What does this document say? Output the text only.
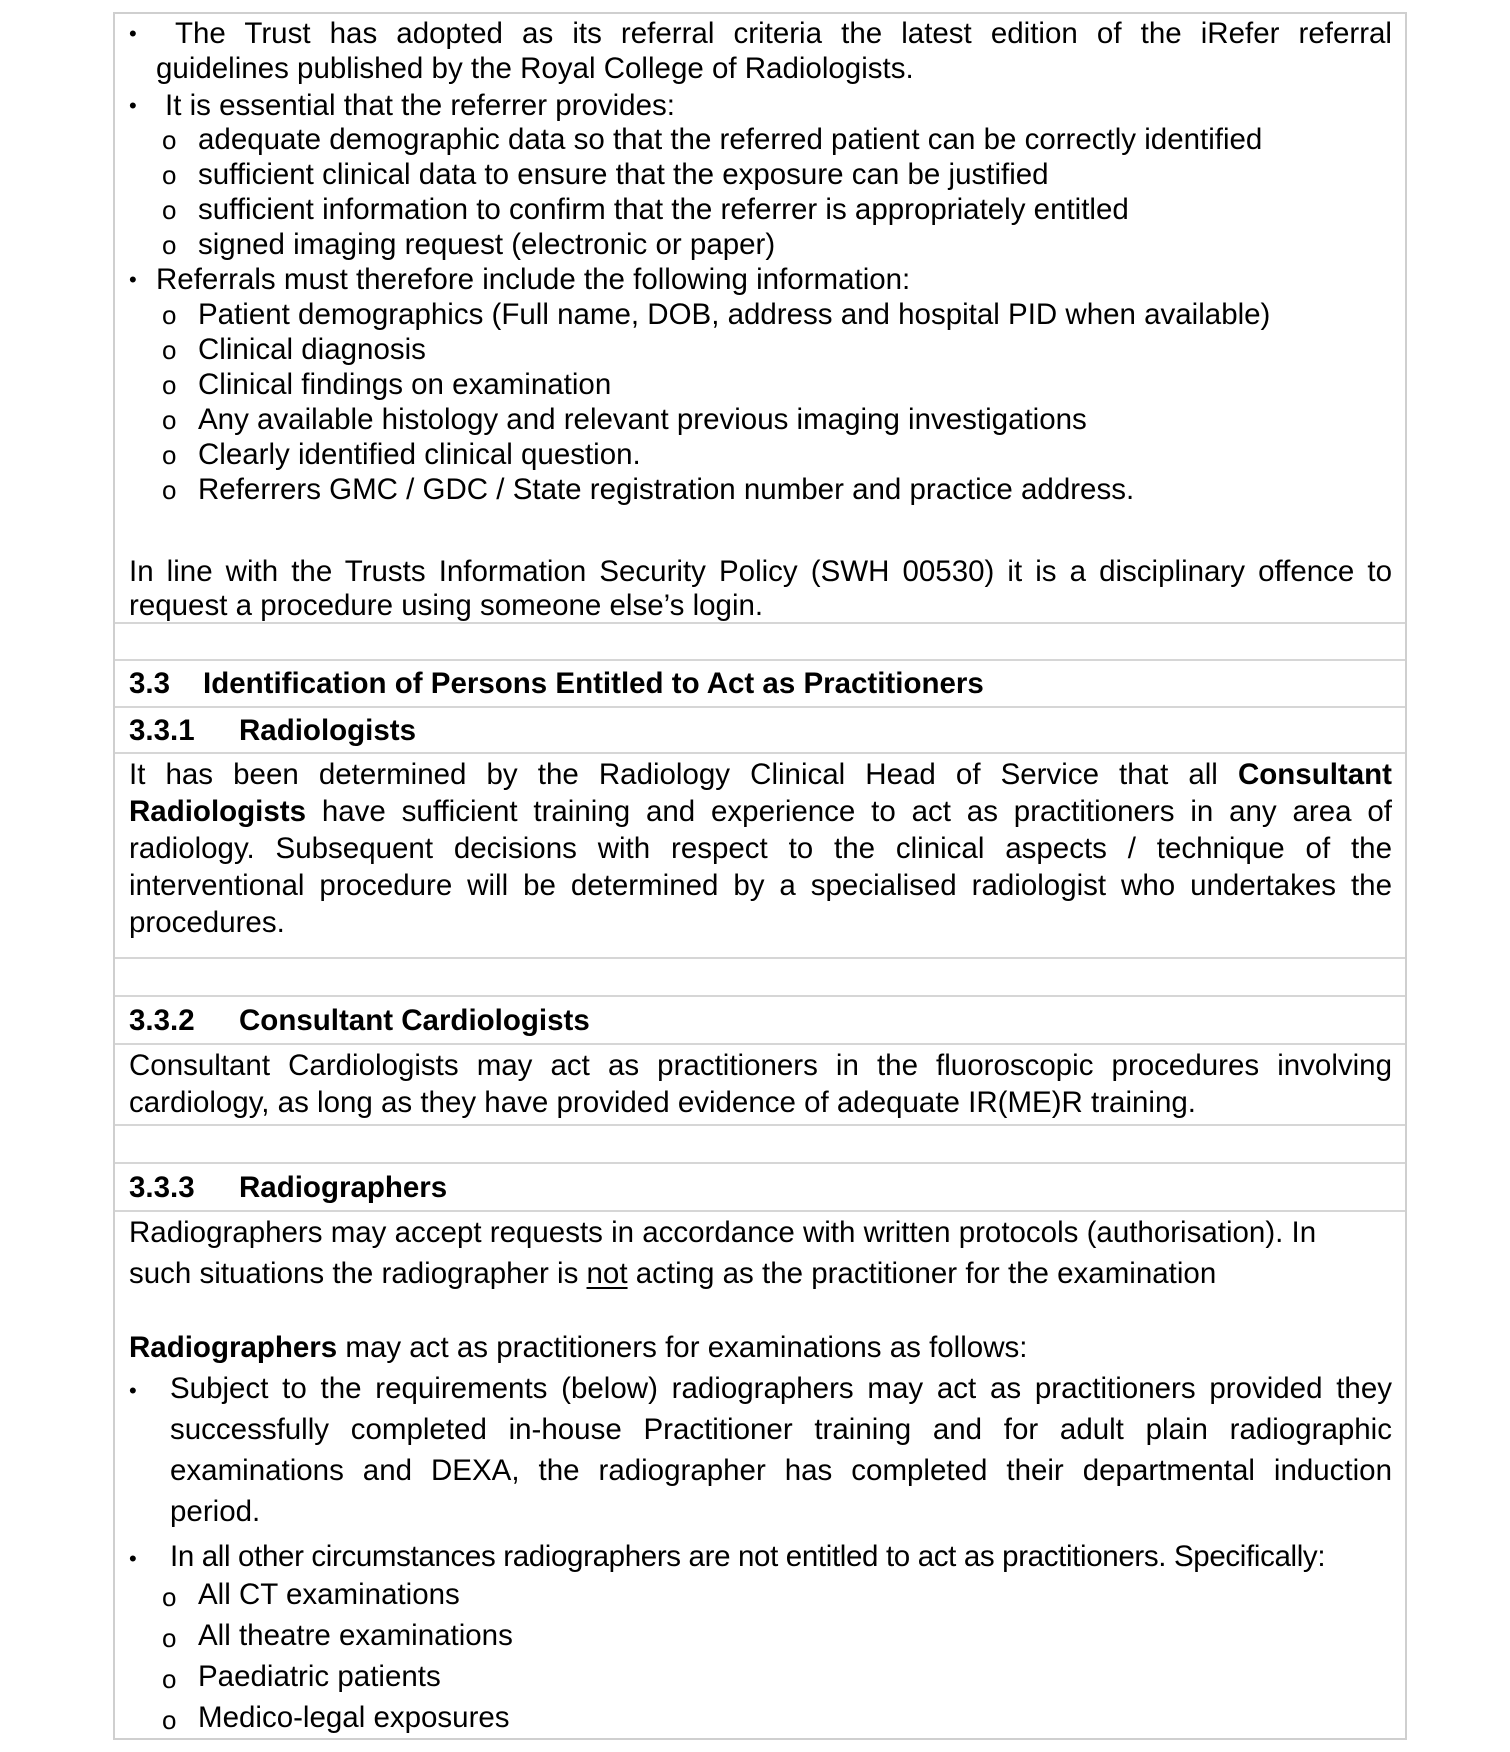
• The Trust has adopted as its referral criteria the latest edition of the iRefer referral
guidelines published by the Royal College of Radiologists.
• It is essential that the referrer provides:
o adequate demographic data so that the referred patient can be correctly identified
o sufficient clinical data to ensure that the exposure can be justified
o sufficient information to confirm that the referrer is appropriately entitled
o signed imaging request (electronic or paper)
• Referrals must therefore include the following information:
o Patient demographics (Full name, DOB, address and hospital PID when available)
o Clinical diagnosis
o Clinical findings on examination
o Any available histology and relevant previous imaging investigations
o Clearly identified clinical question.
o Referrers GMC / GDC / State registration number and practice address.
In line with the Trusts Information Security Policy (SWH 00530) it is a disciplinary offence to
request a procedure using someone else’s login.
3.3 Identification of Persons Entitled to Act as Practitioners
3.3.1 Radiologists
It has been determined by the Radiology Clinical Head of Service that all Consultant
Radiologists have sufficient training and experience to act as practitioners in any area of
radiology. Subsequent decisions with respect to the clinical aspects / technique of the
interventional procedure will be determined by a specialised radiologist who undertakes the
procedures.
3.3.2 Consultant Cardiologists
Consultant Cardiologists may act as practitioners in the fluoroscopic procedures involving
cardiology, as long as they have provided evidence of adequate IR(ME)R training.
3.3.3 Radiographers
Radiographers may accept requests in accordance with written protocols (authorisation). In
such situations the radiographer is not acting as the practitioner for the examination
Radiographers may act as practitioners for examinations as follows:
• Subject to the requirements (below) radiographers may act as practitioners provided they
successfully completed in-house Practitioner training and for adult plain radiographic
examinations and DEXA, the radiographer has completed their departmental induction
period.
• In all other circumstances radiographers are not entitled to act as practitioners. Specifically:
o All CT examinations
o All theatre examinations
o Paediatric patients
o Medico-legal exposures
